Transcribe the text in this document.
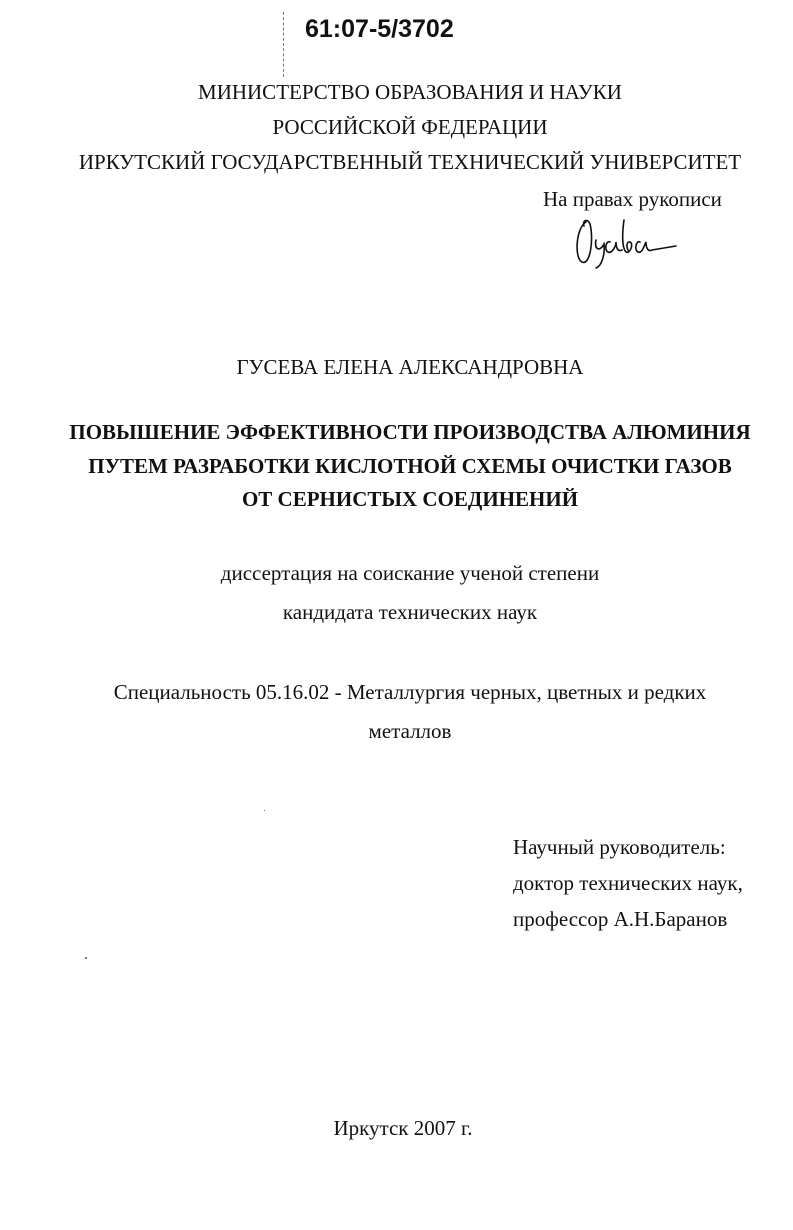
61:07-5/3702
МИНИСТЕРСТВО ОБРАЗОВАНИЯ И НАУКИ
РОССИЙСКОЙ ФЕДЕРАЦИИ
ИРКУТСКИЙ ГОСУДАРСТВЕННЫЙ ТЕХНИЧЕСКИЙ УНИВЕРСИТЕТ
На правах рукописи
ГУСЕВА ЕЛЕНА АЛЕКСАНДРОВНА
ПОВЫШЕНИЕ ЭФФЕКТИВНОСТИ ПРОИЗВОДСТВА АЛЮМИНИЯ
ПУТЕМ РАЗРАБОТКИ КИСЛОТНОЙ СХЕМЫ ОЧИСТКИ ГАЗОВ
ОТ СЕРНИСТЫХ СОЕДИНЕНИЙ
диссертация на соискание ученой степени
кандидата технических наук
Специальность 05.16.02 - Металлургия черных, цветных и редких
металлов
Научный руководитель:
доктор технических наук,
профессор А.Н.Баранов
Иркутск 2007 г.
